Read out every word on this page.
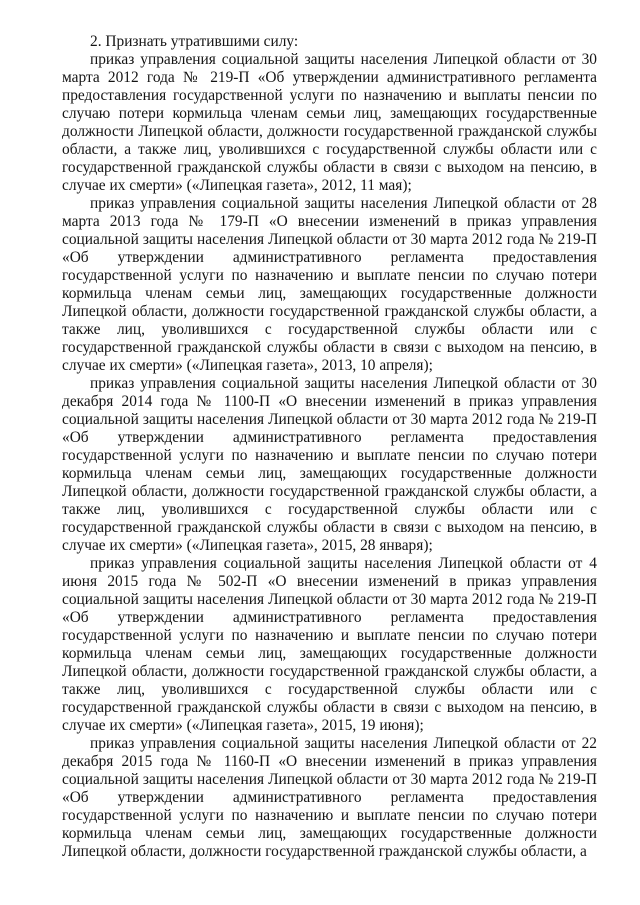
2. Признать утратившими силу:

приказ управления социальной защиты населения Липецкой области от 30 марта 2012 года № 219-П «Об утверждении административного регламента предоставления государственной услуги по назначению и выплаты пенсии по случаю потери кормильца членам семьи лиц, замещающих государственные должности Липецкой области, должности государственной гражданской службы области, а также лиц, уволившихся с государственной службы области или с государственной гражданской службы области в связи с выходом на пенсию, в случае их смерти» («Липецкая газета», 2012, 11 мая);

приказ управления социальной защиты населения Липецкой области от 28 марта 2013 года № 179-П «О внесении изменений в приказ управления социальной защиты населения Липецкой области от 30 марта 2012 года № 219-П «Об утверждении административного регламента предоставления государственной услуги по назначению и выплате пенсии по случаю потери кормильца членам семьи лиц, замещающих государственные должности Липецкой области, должности государственной гражданской службы области, а также лиц, уволившихся с государственной службы области или с государственной гражданской службы области в связи с выходом на пенсию, в случае их смерти» («Липецкая газета», 2013, 10 апреля);

приказ управления социальной защиты населения Липецкой области от 30 декабря 2014 года № 1100-П «О внесении изменений в приказ управления социальной защиты населения Липецкой области от 30 марта 2012 года № 219-П «Об утверждении административного регламента предоставления государственной услуги по назначению и выплате пенсии по случаю потери кормильца членам семьи лиц, замещающих государственные должности Липецкой области, должности государственной гражданской службы области, а также лиц, уволившихся с государственной службы области или с государственной гражданской службы области в связи с выходом на пенсию, в случае их смерти» («Липецкая газета», 2015, 28 января);

приказ управления социальной защиты населения Липецкой области от 4 июня 2015 года № 502-П «О внесении изменений в приказ управления социальной защиты населения Липецкой области от 30 марта 2012 года № 219-П «Об утверждении административного регламента предоставления государственной услуги по назначению и выплате пенсии по случаю потери кормильца членам семьи лиц, замещающих государственные должности Липецкой области, должности государственной гражданской службы области, а также лиц, уволившихся с государственной службы области или с государственной гражданской службы области в связи с выходом на пенсию, в случае их смерти» («Липецкая газета», 2015, 19 июня);

приказ управления социальной защиты населения Липецкой области от 22 декабря 2015 года № 1160-П «О внесении изменений в приказ управления социальной защиты населения Липецкой области от 30 марта 2012 года № 219-П «Об утверждении административного регламента предоставления государственной услуги по назначению и выплате пенсии по случаю потери кормильца членам семьи лиц, замещающих государственные должности Липецкой области, должности государственной гражданской службы области, а
